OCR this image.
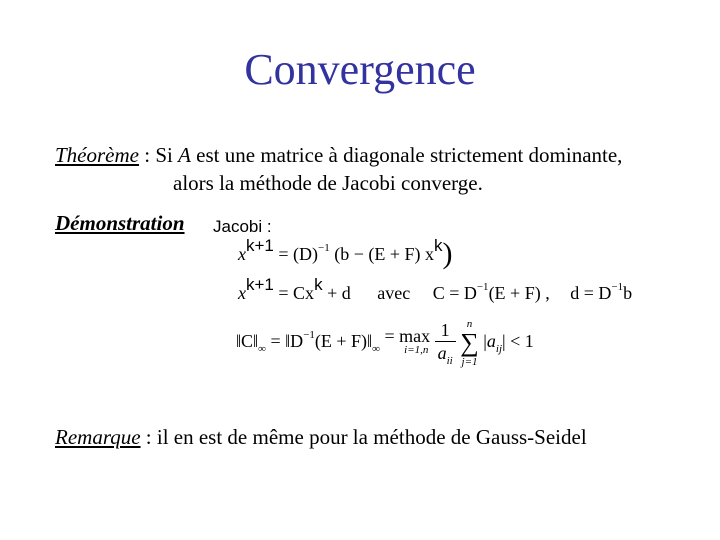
Convergence
Théorème : Si A est une matrice à diagonale strictement dominante,
alors la méthode de Jacobi converge.
Démonstration Jacobi :
$xk+1 = (D)^{-1}$ (b − (E + F) xk)
xk+1 = Cxk + d avec $C = D^{-1}(E + F)$ , $d = D^{-1}b$
$‖C‖_\infty$ = $‖D^{-1}(E$ + $F)‖_\infty$
= max
i=1,n
$\frac{1}{a_{ii}}$
	n
∑
j=1
$|a_{ij}| < 1$
Remarque : il en est de même pour la méthode de Gauss-Seidel
